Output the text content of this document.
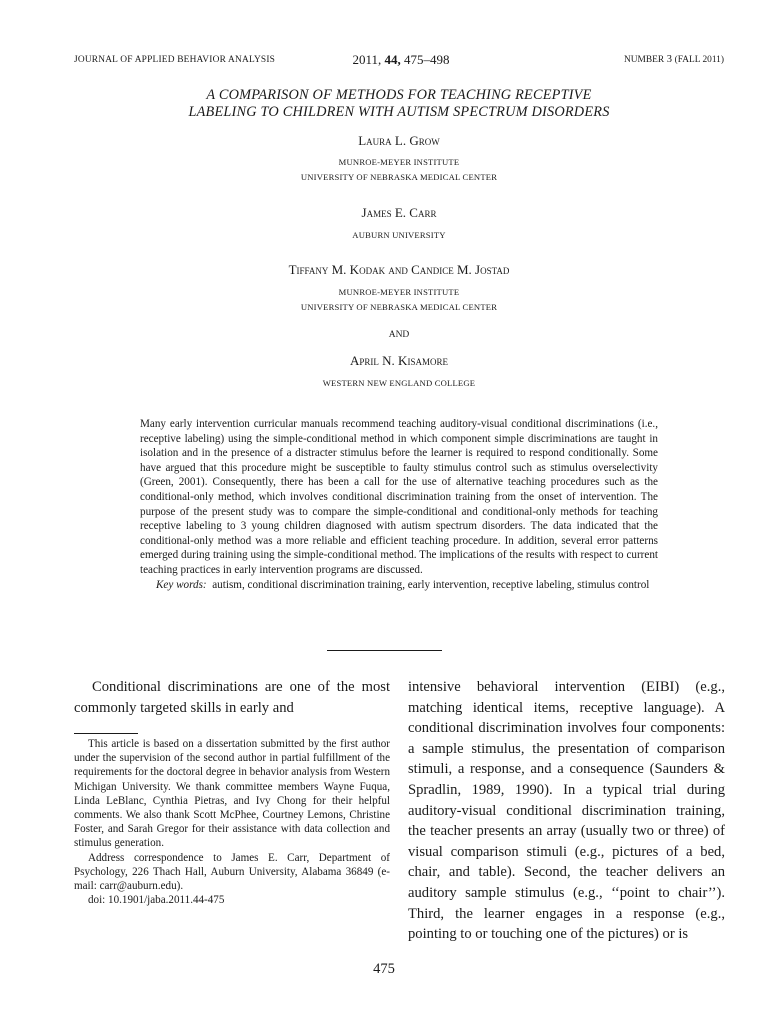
JOURNAL OF APPLIED BEHAVIOR ANALYSIS	2011, 44, 475–498	NUMBER 3 (FALL 2011)
A COMPARISON OF METHODS FOR TEACHING RECEPTIVE
LABELING TO CHILDREN WITH AUTISM SPECTRUM DISORDERS
Laura L. Grow
MUNROE-MEYER INSTITUTE
UNIVERSITY OF NEBRASKA MEDICAL CENTER
James E. Carr
AUBURN UNIVERSITY
Tiffany M. Kodak and Candice M. Jostad
MUNROE-MEYER INSTITUTE
UNIVERSITY OF NEBRASKA MEDICAL CENTER
AND
April N. Kisamore
WESTERN NEW ENGLAND COLLEGE

Many early intervention curricular manuals recommend teaching auditory-visual conditional discriminations (i.e., receptive labeling) using the simple-conditional method in which component simple discriminations are taught in isolation and in the presence of a distracter stimulus before the learner is required to respond conditionally. Some have argued that this procedure might be susceptible to faulty stimulus control such as stimulus overselectivity (Green, 2001). Consequently, there has been a call for the use of alternative teaching procedures such as the conditional-only method, which involves conditional discrimination training from the onset of intervention. The purpose of the present study was to compare the simple-conditional and conditional-only methods for teaching receptive labeling to 3 young children diagnosed with autism spectrum disorders. The data indicated that the conditional-only method was a more reliable and efficient teaching procedure. In addition, several error patterns emerged during training using the simple-conditional method. The implications of the results with respect to current teaching practices in early intervention programs are discussed.

Key words: autism, conditional discrimination training, early intervention, receptive labeling, stimulus control

Conditional discriminations are one of the most commonly targeted skills in early and

This article is based on a dissertation submitted by the first author under the supervision of the second author in partial fulfillment of the requirements for the doctoral degree in behavior analysis from Western Michigan University. We thank committee members Wayne Fuqua, Linda LeBlanc, Cynthia Pietras, and Ivy Chong for their helpful comments. We also thank Scott McPhee, Courtney Lemons, Christine Foster, and Sarah Gregor for their assistance with data collection and stimulus generation.

Address correspondence to James E. Carr, Department of Psychology, 226 Thach Hall, Auburn University, Alabama 36849 (e-mail: carr@auburn.edu).

doi: 10.1901/jaba.2011.44-475

intensive behavioral intervention (EIBI) (e.g., matching identical items, receptive language). A conditional discrimination involves four components: a sample stimulus, the presentation of comparison stimuli, a response, and a consequence (Saunders & Spradlin, 1989, 1990). In a typical trial during auditory-visual conditional discrimination training, the teacher presents an array (usually two or three) of visual comparison stimuli (e.g., pictures of a bed, chair, and table). Second, the teacher delivers an auditory sample stimulus (e.g., ‘‘point to chair’’). Third, the learner engages in a response (e.g., pointing to or touching one of the pictures) or is
475
